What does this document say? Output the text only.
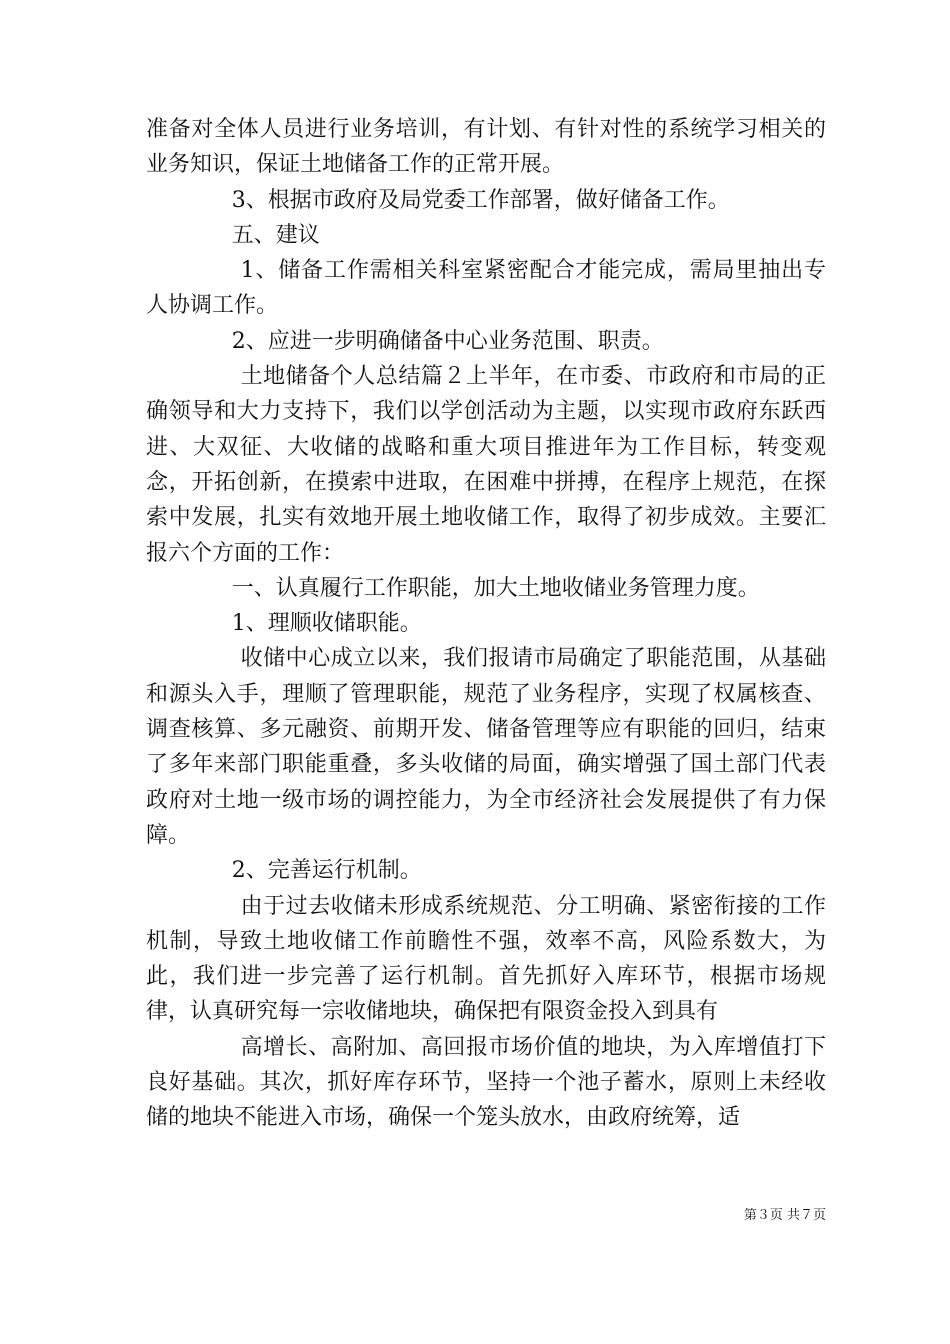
准备对全体人员进行业务培训，有计划、有针对性的系统学习相关的业务知识，保证土地储备工作的正常开展。

3、根据市政府及局党委工作部署，做好储备工作。

五、建议

1、储备工作需相关科室紧密配合才能完成，需局里抽出专人协调工作。

2、应进一步明确储备中心业务范围、职责。

土地储备个人总结篇２上半年，在市委、市政府和市局的正确领导和大力支持下，我们以学创活动为主题，以实现市政府东跃西进、大双征、大收储的战略和重大项目推进年为工作目标，转变观念，开拓创新，在摸索中进取，在困难中拼搏，在程序上规范，在探索中发展，扎实有效地开展土地收储工作，取得了初步成效。主要汇报六个方面的工作：

一、认真履行工作职能，加大土地收储业务管理力度。

1、理顺收储职能。

收储中心成立以来，我们报请市局确定了职能范围，从基础和源头入手，理顺了管理职能，规范了业务程序，实现了权属核查、调查核算、多元融资、前期开发、储备管理等应有职能的回归，结束了多年来部门职能重叠，多头收储的局面，确实增强了国土部门代表政府对土地一级市场的调控能力，为全市经济社会发展提供了有力保障。

2、完善运行机制。

由于过去收储未形成系统规范、分工明确、紧密衔接的工作机制，导致土地收储工作前瞻性不强，效率不高，风险系数大，为此，我们进一步完善了运行机制。首先抓好入库环节，根据市场规律，认真研究每一宗收储地块，确保把有限资金投入到具有

高增长、高附加、高回报市场价值的地块，为入库增值打下良好基础。其次，抓好库存环节，坚持一个池子蓄水，原则上未经收储的地块不能进入市场，确保一个笼头放水，由政府统筹，适

第３页 共７页
